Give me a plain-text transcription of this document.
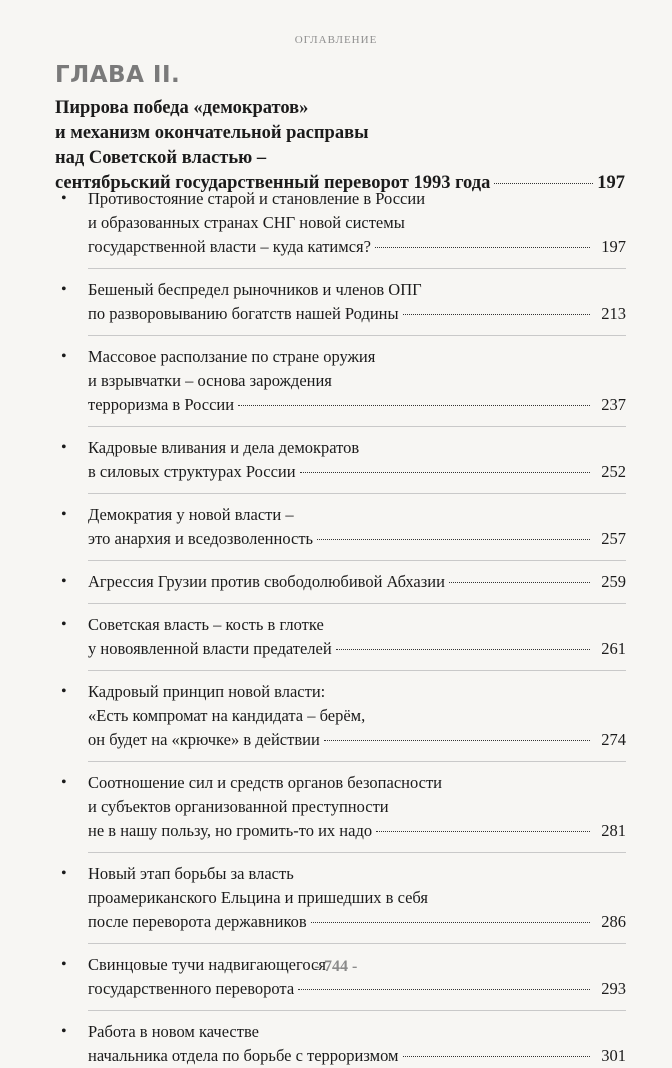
ОГЛАВЛЕНИЕ
ГЛАВА II.
Пиррова победа «демократов»
и механизм окончательной расправы
над Советской властью –
сентябрьский государственный переворот 1993 года	197
•	Противостояние старой и становление в России
и образованных странах СНГ новой системы
государственной власти – куда катимся?	197
•	Бешеный беспредел рыночников и членов ОПГ
по разворовыванию богатств нашей Родины	213
•	Массовое расползание по стране оружия
и взрывчатки – основа зарождения
терроризма в России	237
•	Кадровые вливания и дела демократов
в силовых структурах России	252
•	Демократия у новой власти –
это анархия и вседозволенность	257
• Агрессия Грузии против свободолюбивой Абхазии	259
•	Советская власть – кость в глотке
у новоявленной власти предателей	261
•	Кадровый принцип новой власти:
«Есть компромат на кандидата – берём,
он будет на «крючке» в действии	274
•	Соотношение сил и средств органов безопасности
и субъектов организованной преступности
не в нашу пользу, но громить-то их надо	281
•	Новый этап борьбы за власть
проамериканского Ельцина и пришедших в себя
после переворота державников	286
•	Свинцовые тучи надвигающегося
государственного переворота	293
•	Работа в новом качестве
начальника отдела по борьбе с терроризмом	301
- 744 -
